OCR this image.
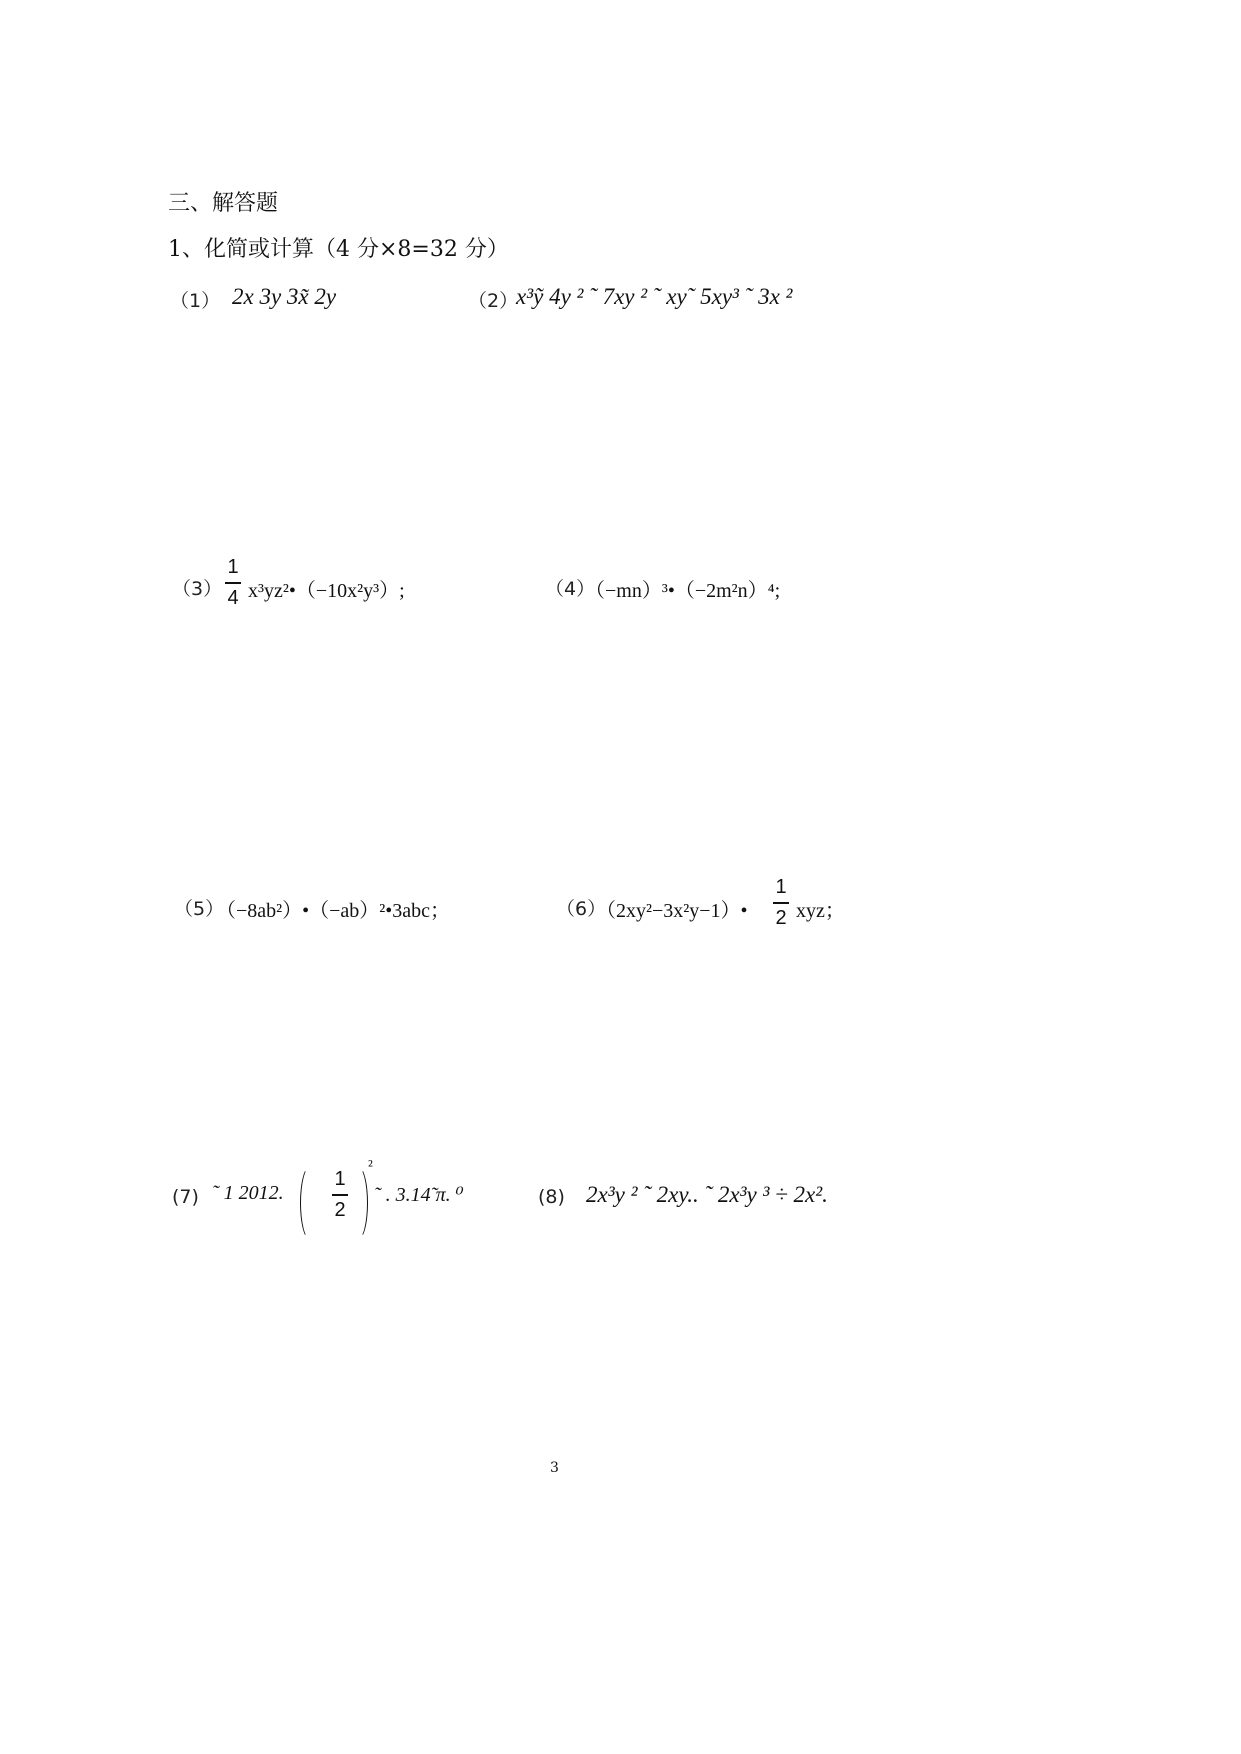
三、解答题
1、化简或计算（4 分×8=32 分）
（1） 2x 3y 3x̃ 2y	（2）
x³ỹ 4y ² ˜ 7xy ² ˜ xy˜ 5xy³ ˜ 3x ²
（3）
1
4 x³yz²•（−10x²y³）;	（4）
（−mn）³•（−2m²n）⁴;
（5）
（−8ab²）•（−ab）²•3abc；	（6）
（2xy²−3x²y−1）•
1
2 xyz；
(7) ˜ 1 2012.
1
2
²
˜ . 3.14̃ π. ⁰	(8) 2x³y ² ˜ 2xy.. ˜ 2x³y ³ ÷ 2x².
3
